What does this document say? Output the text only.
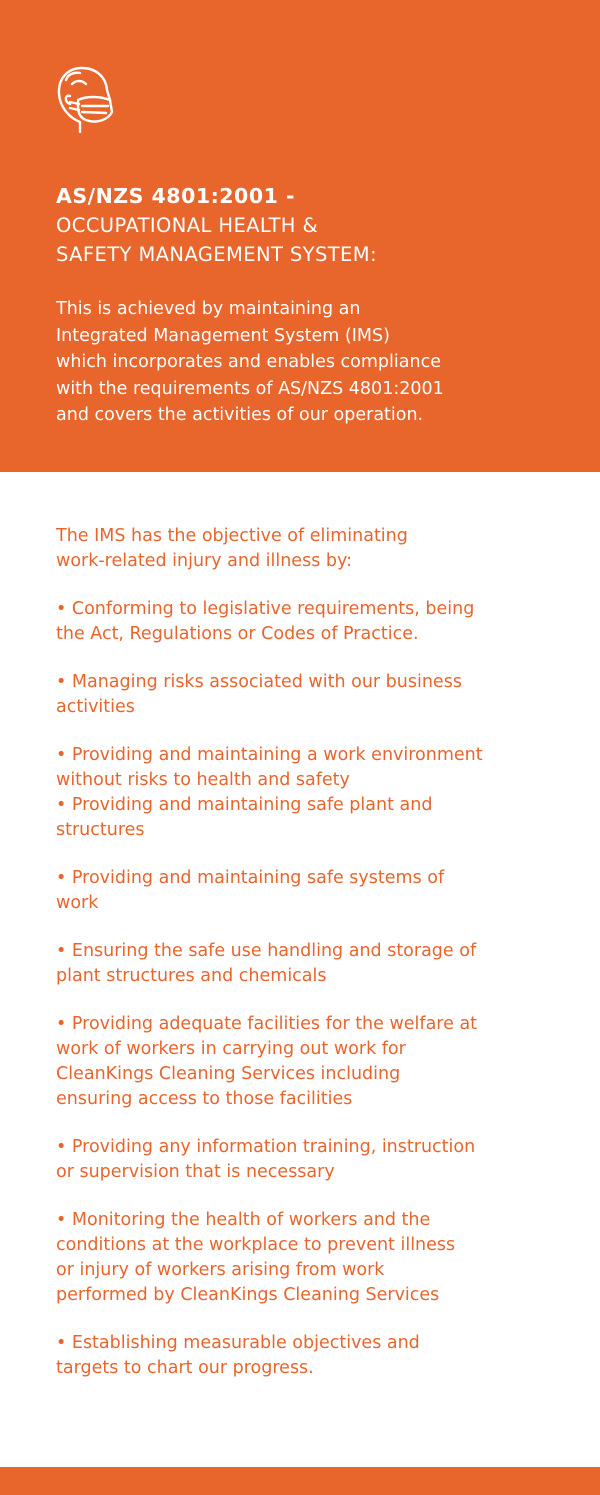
AS/NZS 4801:2001 -
OCCUPATIONAL HEALTH &
SAFETY MANAGEMENT SYSTEM:
This is achieved by maintaining an
Integrated Management System (IMS)
which incorporates and enables compliance
with the requirements of AS/NZS 4801:2001
and covers the activities of our operation.

The IMS has the objective of eliminating
work-related injury and illness by:

• Conforming to legislative requirements, being
the Act, Regulations or Codes of Practice.

• Managing risks associated with our business
activities

• Providing and maintaining a work environment
without risks to health and safety
• Providing and maintaining safe plant and
structures

• Providing and maintaining safe systems of
work

• Ensuring the safe use handling and storage of
plant structures and chemicals

• Providing adequate facilities for the welfare at
work of workers in carrying out work for
CleanKings Cleaning Services including
ensuring access to those facilities

• Providing any information training, instruction
or supervision that is necessary

• Monitoring the health of workers and the
conditions at the workplace to prevent illness
or injury of workers arising from work
performed by CleanKings Cleaning Services

• Establishing measurable objectives and
targets to chart our progress.
